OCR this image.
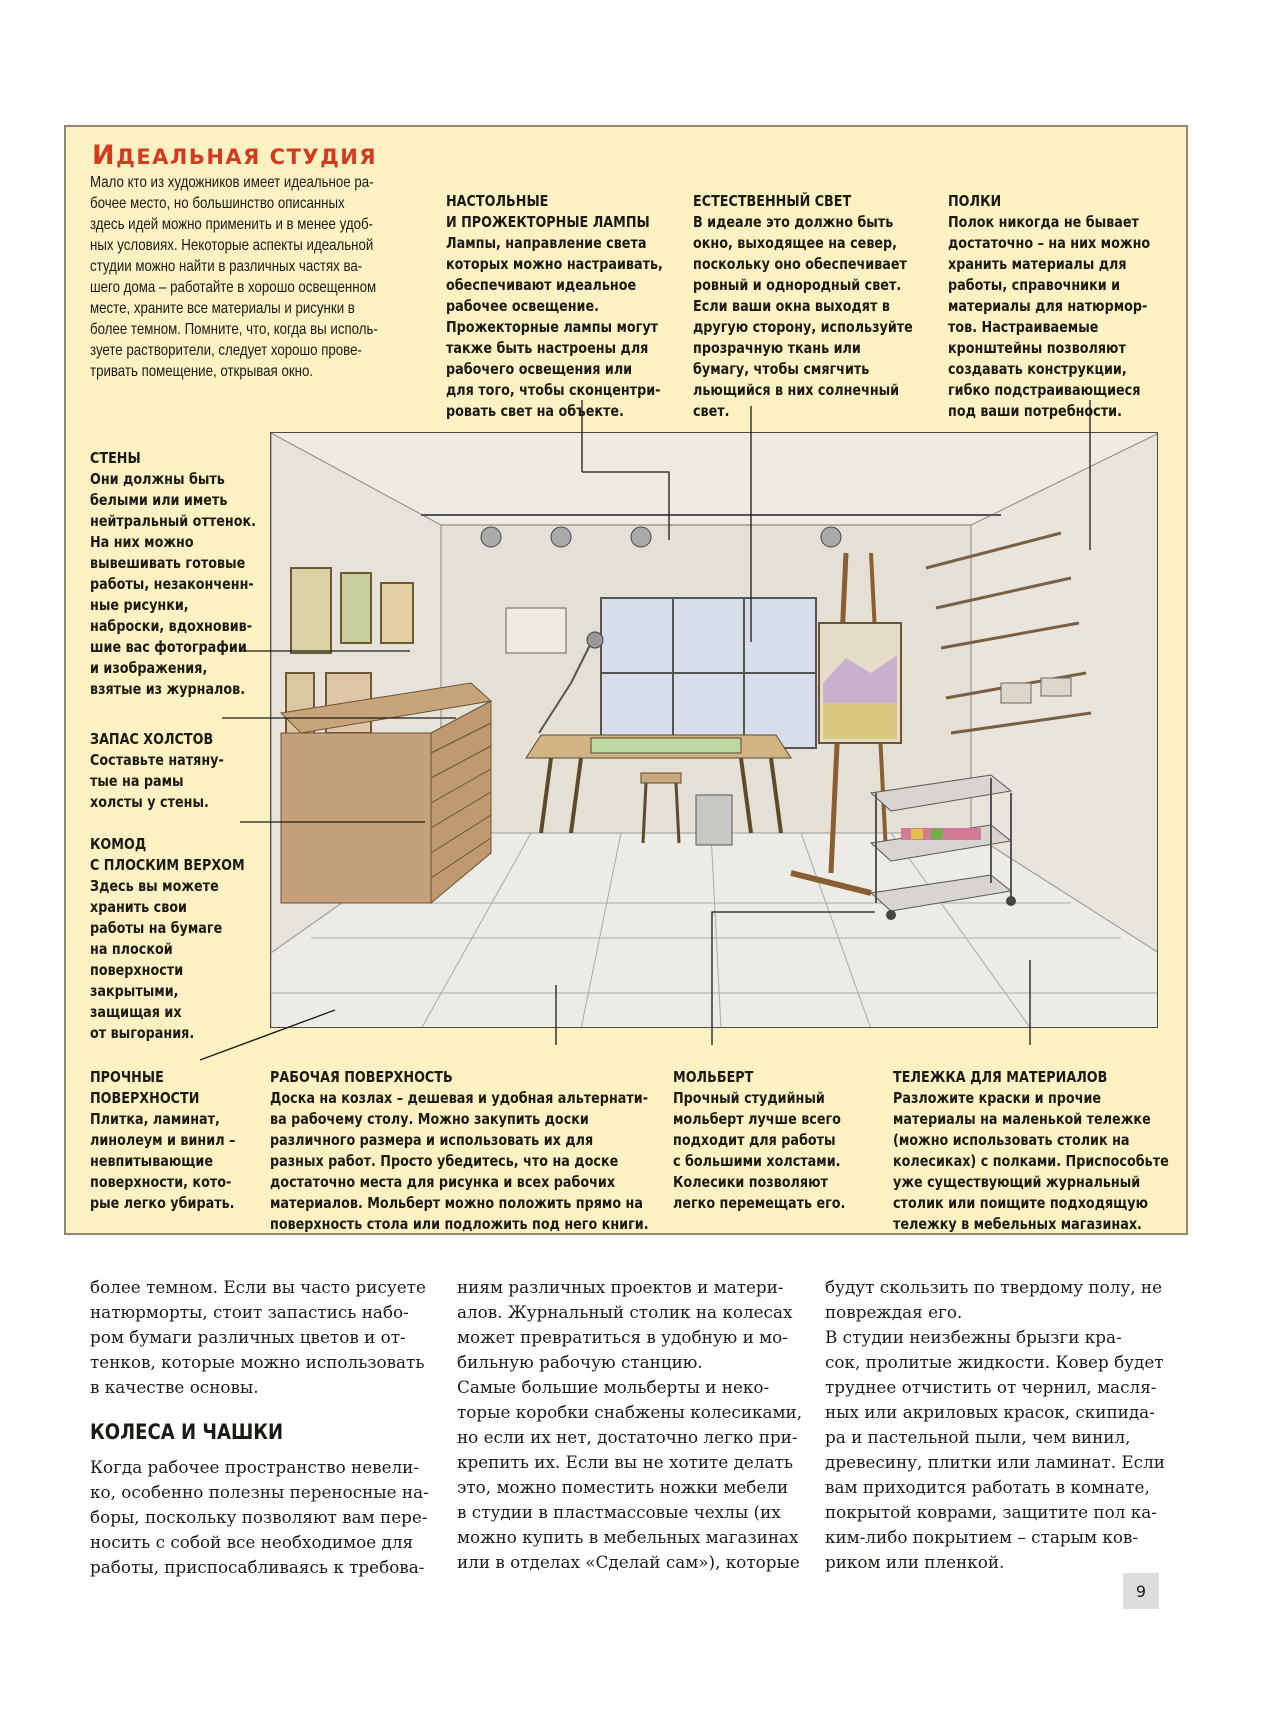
ИДЕАЛЬНАЯ СТУДИЯ
Мало кто из художников имеет идеальное ра-
бочее место, но большинство описанных
здесь идей можно применить и в менее удоб-
ных условиях. Некоторые аспекты идеальной
студии можно найти в различных частях ва-
шего дома – работайте в хорошо освещенном
месте, храните все материалы и рисунки в
более темном. Помните, что, когда вы исполь-
зуете растворители, следует хорошо прове-
тривать помещение, открывая окно.

НАСТОЛЬНЫЕ
И ПРОЖЕКТОРНЫЕ ЛАМПЫ
Лампы, направление света
которых можно настраивать,
обеспечивают идеальное
рабочее освещение.
Прожекторные лампы могут
также быть настроены для
рабочего освещения или
для того, чтобы сконцентри-
ровать свет на объекте.

ЕСТЕСТВЕННЫЙ СВЕТ
В идеале это должно быть
окно, выходящее на север,
поскольку оно обеспечивает
ровный и однородный свет.
Если ваши окна выходят в
другую сторону, используйте
прозрачную ткань или
бумагу, чтобы смягчить
льющийся в них солнечный
свет.

ПОЛКИ
Полок никогда не бывает
достаточно – на них можно
хранить материалы для
работы, справочники и
материалы для натюрмор-
тов. Настраиваемые
кронштейны позволяют
создавать конструкции,
гибко подстраивающиеся
под ваши потребности.

СТЕНЫ
Они должны быть
белыми или иметь
нейтральный оттенок.
На них можно
вывешивать готовые
работы, незаконченн-
ные рисунки,
наброски, вдохновив-
шие вас фотографии
и изображения,
взятые из журналов.

ЗАПАС ХОЛСТОВ
Составьте натяну-
тые на рамы
холсты у стены.

КОМОД
С ПЛОСКИМ ВЕРХОМ
Здесь вы можете
хранить свои
работы на бумаге
на плоской
поверхности
закрытыми,
защищая их
от выгорания.

ПРОЧНЫЕ
ПОВЕРХНОСТИ
Плитка, ламинат,
линолеум и винил –
невпитывающие
поверхности, кото-
рые легко убирать.

РАБОЧАЯ ПОВЕРХНОСТЬ
Доска на козлах – дешевая и удобная альтернати-
ва рабочему столу. Можно закупить доски
различного размера и использовать их для
разных работ. Просто убедитесь, что на доске
достаточно места для рисунка и всех рабочих
материалов. Мольберт можно положить прямо на
поверхность стола или подложить под него книги.

МОЛЬБЕРТ
Прочный студийный
мольберт лучше всего
подходит для работы
с большими холстами.
Колесики позволяют
легко перемещать его.

ТЕЛЕЖКА ДЛЯ МАТЕРИАЛОВ
Разложите краски и прочие
материалы на маленькой тележке
(можно использовать столик на
колесиках) с полками. Приспособьте
уже существующий журнальный
столик или поищите подходящую
тележку в мебельных магазинах.

более темном. Если вы часто рисуете
натюрморты, стоит запастись набо-
ром бумаги различных цветов и от-
тенков, которые можно использовать
в качестве основы.
КОЛЕСА И ЧАШКИ
Когда рабочее пространство невели-
ко, особенно полезны переносные на-
боры, поскольку позволяют вам пере-
носить с собой все необходимое для
работы, приспосабливаясь к требова-
ниям различных проектов и матери-
алов. Журнальный столик на колесах
может превратиться в удобную и мо-
бильную рабочую станцию.
Самые большие мольберты и неко-
торые коробки снабжены колесиками,
но если их нет, достаточно легко при-
крепить их. Если вы не хотите делать
это, можно поместить ножки мебели
в студии в пластмассовые чехлы (их
можно купить в мебельных магазинах
или в отделах «Сделай сам»), которые
будут скользить по твердому полу, не
повреждая его.
В студии неизбежны брызги кра-
сок, пролитые жидкости. Ковер будет
труднее отчистить от чернил, масля-
ных или акриловых красок, скипида-
ра и пастельной пыли, чем винил,
древесину, плитки или ламинат. Если
вам приходится работать в комнате,
покрытой коврами, защитите пол ка-
ким-либо покрытием – старым ков-
риком или пленкой.
9
